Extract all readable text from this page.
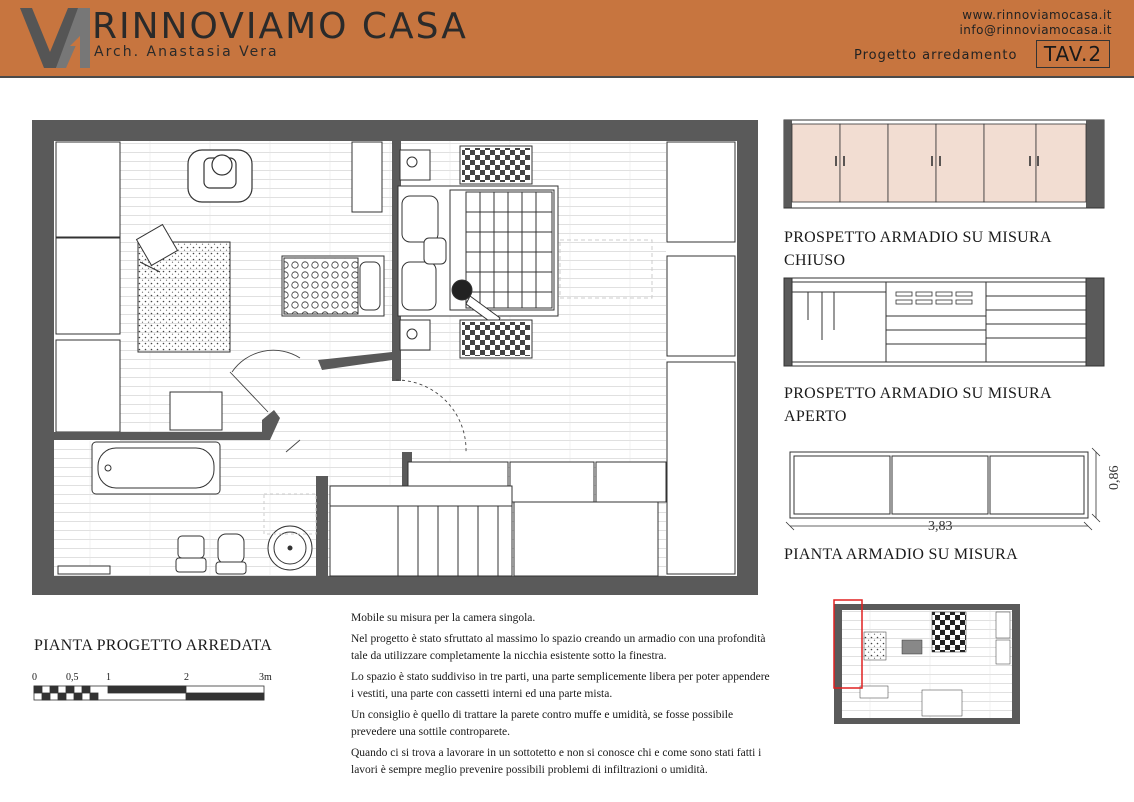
RINNOVIAMO CASA
Arch. Anastasia Vera
www.rinnoviamocasa.it
info@rinnoviamocasa.it
Progetto arredamento	TAV.2
3,83
0,86
PROSPETTO ARMADIO SU MISURA
CHIUSO
PROSPETTO ARMADIO SU MISURA
APERTO
PIANTA ARMADIO SU MISURA
PIANTA PROGETTO ARREDATA
0	0,5	1	2	3m

Mobile su misura per la camera singola.

Nel progetto è stato sfruttato al massimo lo spazio creando un armadio con una profondità tale da utilizzare completamente la nicchia esistente sotto la finestra.

Lo spazio è stato suddiviso in tre parti, una parte semplicemente libera per poter appendere i vestiti, una parte con cassetti interni ed una parte mista.

Un consiglio è quello di trattare la parete contro muffe e umidità, se fosse possibile prevedere una sottile controparete.

Quando ci si trova a lavorare in un sottotetto e non si conosce chi e come sono stati fatti i lavori è sempre meglio prevenire possibili problemi di infiltrazioni o umidità.
